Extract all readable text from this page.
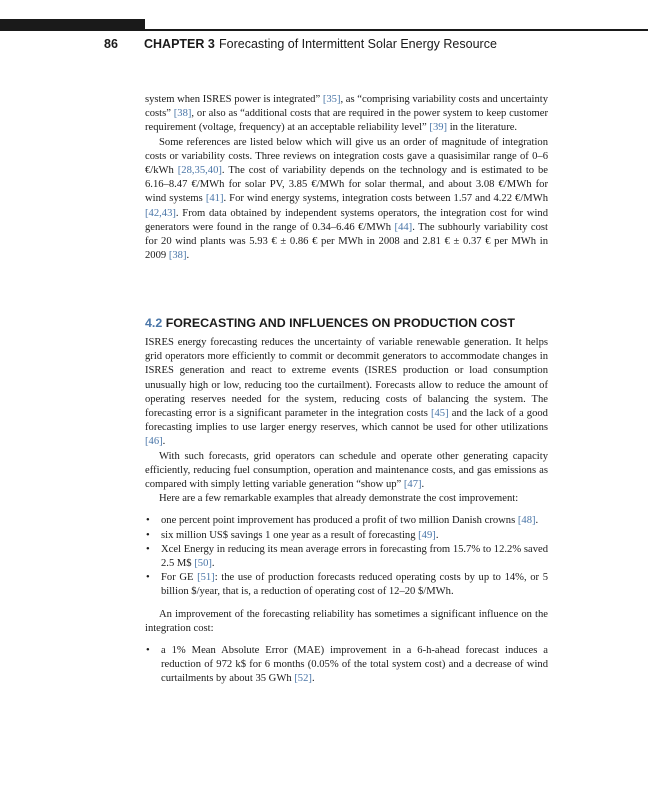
86 CHAPTER 3 Forecasting of Intermittent Solar Energy Resource

system when ISRES power is integrated” [35], as “comprising variability costs and uncertainty costs” [38], or also as “additional costs that are required in the power system to keep customer requirement (voltage, frequency) at an acceptable reliability level” [39] in the literature.

Some references are listed below which will give us an order of magnitude of integration costs or variability costs. Three reviews on integration costs gave a quasisimilar range of 0–6 €/kWh [28,35,40]. The cost of variability depends on the technology and is estimated to be 6.16–8.47 €/MWh for solar PV, 3.85 €/MWh for solar thermal, and about 3.08 €/MWh for wind systems [41]. For wind energy systems, integration costs between 1.57 and 4.22 €/MWh [42,43]. From data obtained by independent systems operators, the integration cost for wind generators were found in the range of 0.34–6.46 €/MWh [44]. The subhourly variability cost for 20 wind plants was 5.93 € ± 0.86 € per MWh in 2008 and 2.81 € ± 0.37 € per MWh in 2009 [38].

4.2 FORECASTING AND INFLUENCES ON PRODUCTION COST

ISRES energy forecasting reduces the uncertainty of variable renewable generation. It helps grid operators more efficiently to commit or decommit generators to accommodate changes in ISRES generation and react to extreme events (ISRES production or load consumption unusually high or low, reducing too the curtailment). Forecasts allow to reduce the amount of operating reserves needed for the system, reducing costs of balancing the system. The forecasting error is a significant parameter in the integration costs [45] and the lack of a good forecasting implies to use larger energy reserves, which cannot be used for other utilizations [46].

With such forecasts, grid operators can schedule and operate other generating capacity efficiently, reducing fuel consumption, operation and maintenance costs, and gas emissions as compared with simply letting variable generation “show up” [47].

Here are a few remarkable examples that already demonstrate the cost improvement:

• one percent point improvement has produced a profit of two million Danish crowns [48].
• six million US$ savings 1 one year as a result of forecasting [49].
• Xcel Energy in reducing its mean average errors in forecasting from 15.7% to 12.2% saved 2.5 M$ [50].
• For GE [51]: the use of production forecasts reduced operating costs by up to 14%, or 5 billion $/year, that is, a reduction of operating cost of 12–20 $/MWh.

An improvement of the forecasting reliability has sometimes a significant influence on the integration cost:

• a 1% Mean Absolute Error (MAE) improvement in a 6-h-ahead forecast induces a reduction of 972 k$ for 6 months (0.05% of the total system cost) and a decrease of wind curtailments by about 35 GWh [52].
